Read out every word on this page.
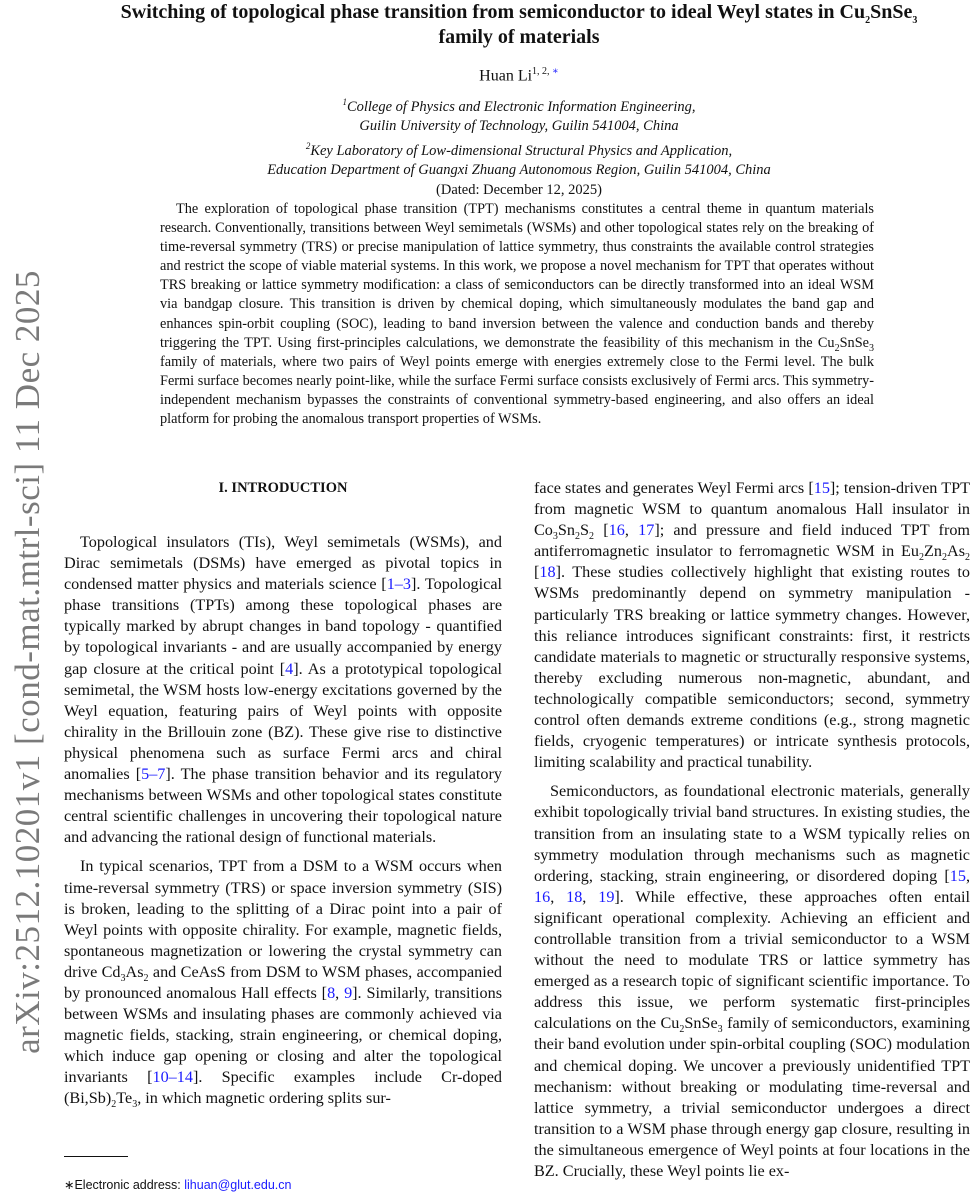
arXiv:2512.10201v1 [cond-mat.mtrl-sci] 11 Dec 2025
Switching of topological phase transition from semiconductor to ideal Weyl states in $Cu_2SnSe_3$
family of materials
Huan $Li^{1, 2, ∗}$
$^1$College of Physics and Electronic Information Engineering,
Guilin University of Technology, Guilin 541004, China
$^2$Key Laboratory of Low-dimensional Structural Physics and Application,
Education Department of Guangxi Zhuang Autonomous Region, Guilin 541004, China
(Dated: December 12, 2025)

The exploration of topological phase transition (TPT) mechanisms constitutes a central theme in quantum materials research. Conventionally, transitions between Weyl semimetals (WSMs) and other topological states rely on the breaking of time-reversal symmetry (TRS) or precise manipulation of lattice symmetry, thus constraints the available control strategies and restrict the scope of viable material systems. In this work, we propose a novel mechanism for TPT that operates without TRS breaking or lattice symmetry modification: a class of semiconductors can be directly transformed into an ideal WSM via bandgap closure. This transition is driven by chemical doping, which simultaneously modulates the band gap and enhances spin-orbit coupling (SOC), leading to band inversion between the valence and conduction bands and thereby triggering the TPT. Using first-principles calculations, we demonstrate the feasibility of this mechanism in the $Cu_2SnSe_3$ family of materials, where two pairs of Weyl points emerge with energies extremely close to the Fermi level. The bulk Fermi surface becomes nearly point-like, while the surface Fermi surface consists exclusively of Fermi arcs. This symmetry-independent mechanism bypasses the constraints of conventional symmetry-based engineering, and also offers an ideal platform for probing the anomalous transport properties of WSMs.

I. INTRODUCTION

Topological insulators (TIs), Weyl semimetals (WSMs), and Dirac semimetals (DSMs) have emerged as pivotal topics in condensed matter physics and materials science [1–3]. Topological phase transitions (TPTs) among these topological phases are typically marked by abrupt changes in band topology - quantified by topological invariants - and are usually accompanied by energy gap closure at the critical point [4]. As a prototypical topological semimetal, the WSM hosts low-energy excitations governed by the Weyl equation, featuring pairs of Weyl points with opposite chirality in the Brillouin zone (BZ). These give rise to distinctive physical phenomena such as surface Fermi arcs and chiral anomalies [5–7]. The phase transition behavior and its regulatory mechanisms between WSMs and other topological states constitute central scientific challenges in uncovering their topological nature and advancing the rational design of functional materials.

In typical scenarios, TPT from a DSM to a WSM occurs when time-reversal symmetry (TRS) or space inversion symmetry (SIS) is broken, leading to the splitting of a Dirac point into a pair of Weyl points with opposite chirality. For example, magnetic fields, spontaneous magnetization or lowering the crystal symmetry can drive $Cd_3As_2$ and CeAsS from DSM to WSM phases, accompanied by pronounced anomalous Hall effects [8, 9]. Similarly, transitions between WSMs and insulating phases are commonly achieved via magnetic fields, stacking, strain engineering, or chemical doping, which induce gap opening or closing and alter the topological invariants [10–14]. Specific examples include Cr-doped $(Bi,Sb)_2Te_3$, in which magnetic ordering splits sur-

face states and generates Weyl Fermi arcs [15]; tension-driven TPT from magnetic WSM to quantum anomalous Hall insulator in $Co_3Sn_2S_2$ [16, 17]; and pressure and field induced TPT from antiferromagnetic insulator to ferromagnetic WSM in $Eu_2Zn_2As_2$ [18]. These studies collectively highlight that existing routes to WSMs predominantly depend on symmetry manipulation - particularly TRS breaking or lattice symmetry changes. However, this reliance introduces significant constraints: first, it restricts candidate materials to magnetic or structurally responsive systems, thereby excluding numerous non-magnetic, abundant, and technologically compatible semiconductors; second, symmetry control often demands extreme conditions (e.g., strong magnetic fields, cryogenic temperatures) or intricate synthesis protocols, limiting scalability and practical tunability.

Semiconductors, as foundational electronic materials, generally exhibit topologically trivial band structures. In existing studies, the transition from an insulating state to a WSM typically relies on symmetry modulation through mechanisms such as magnetic ordering, stacking, strain engineering, or disordered doping [15, 16, 18, 19]. While effective, these approaches often entail significant operational complexity. Achieving an efficient and controllable transition from a trivial semiconductor to a WSM without the need to modulate TRS or lattice symmetry has emerged as a research topic of significant scientific importance. To address this issue, we perform systematic first-principles calculations on the $Cu_2SnSe_3$ family of semiconductors, examining their band evolution under spin-orbital coupling (SOC) modulation and chemical doping. We uncover a previously unidentified TPT mechanism: without breaking or modulating time-reversal and lattice symmetry, a trivial semiconductor undergoes a direct transition to a WSM phase through energy gap closure, resulting in the simultaneous emergence of Weyl points at four locations in the BZ. Crucially, these Weyl points lie ex-

∗Electronic address: lihuan@glut.edu.cn
